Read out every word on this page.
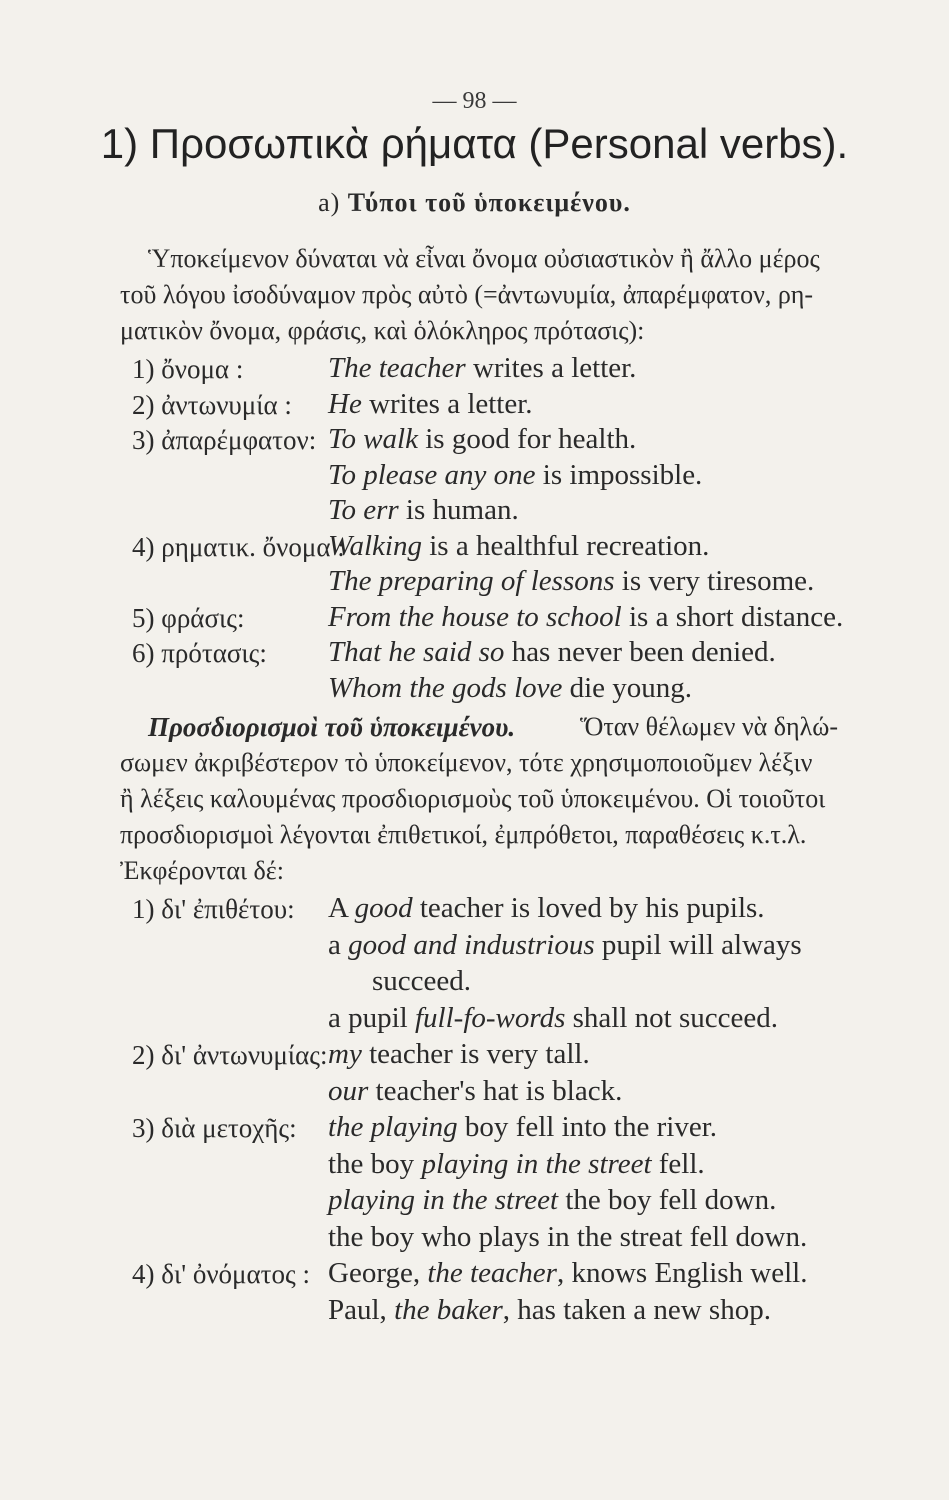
— 98 —
1) Προσωπικὰ ρήματα (Personal verbs).
a) Τύποι τοῦ ὑποκειμένου.
Ὑποκείμενον δύναται νὰ εἶναι ὄνομα οὐσιαστικὸν ἢ ἄλλο μέρος
τοῦ λόγου ἰσοδύναμον πρὸς αὐτὸ (=ἀντωνυμία, ἀπαρέμφατον, ρη-
ματικὸν ὄνομα, φράσις, καὶ ὁλόκληρος πρότασις):
1) ὄνομα :	The teacher writes a letter.
2) ἀντωνυμία : He writes a letter.
3) ἀπαρέμφατον: To walk is good for health.
To please any one is impossible.
To err is human.
4) ρηματικ. ὄνομα :
Walking is a healthful recreation.
The preparing of lessons is very tiresome.
5) φράσις:	From the house to school is a short distance.
6) πρότασις: That he said so has never been denied.
Whom the gods love die young.
Προσδιορισμοὶ τοῦ ὑποκειμένου. Ὅταν θέλωμεν νὰ δηλώ-
σωμεν ἀκριβέστερον τὸ ὑποκείμενον, τότε χρησιμοποιοῦμεν λέξιν
ἢ λέξεις καλουμένας προσδιορισμοὺς τοῦ ὑποκειμένου. Οἱ τοιοῦτοι
προσδιορισμοὶ λέγονται ἐπιθετικοί, ἐμπρόθετοι, παραθέσεις κ.τ.λ.
Ἐκφέρονται δέ:
1) δι' ἐπιθέτου: A good teacher is loved by his pupils.
a good and industrious pupil will always
succeed.
a pupil full-fo-words shall not succeed.
2) δι' ἀντωνυμίας: my teacher is very tall.
our teacher's hat is black.
3) διὰ μετοχῆς: the playing boy fell into the river.
the boy playing in the street fell.
playing in the street the boy fell down.
the boy who plays in the streat fell down.
4) δι' ὀνόματος : George, the teacher, knows English well.
Paul, the baker, has taken a new shop.
